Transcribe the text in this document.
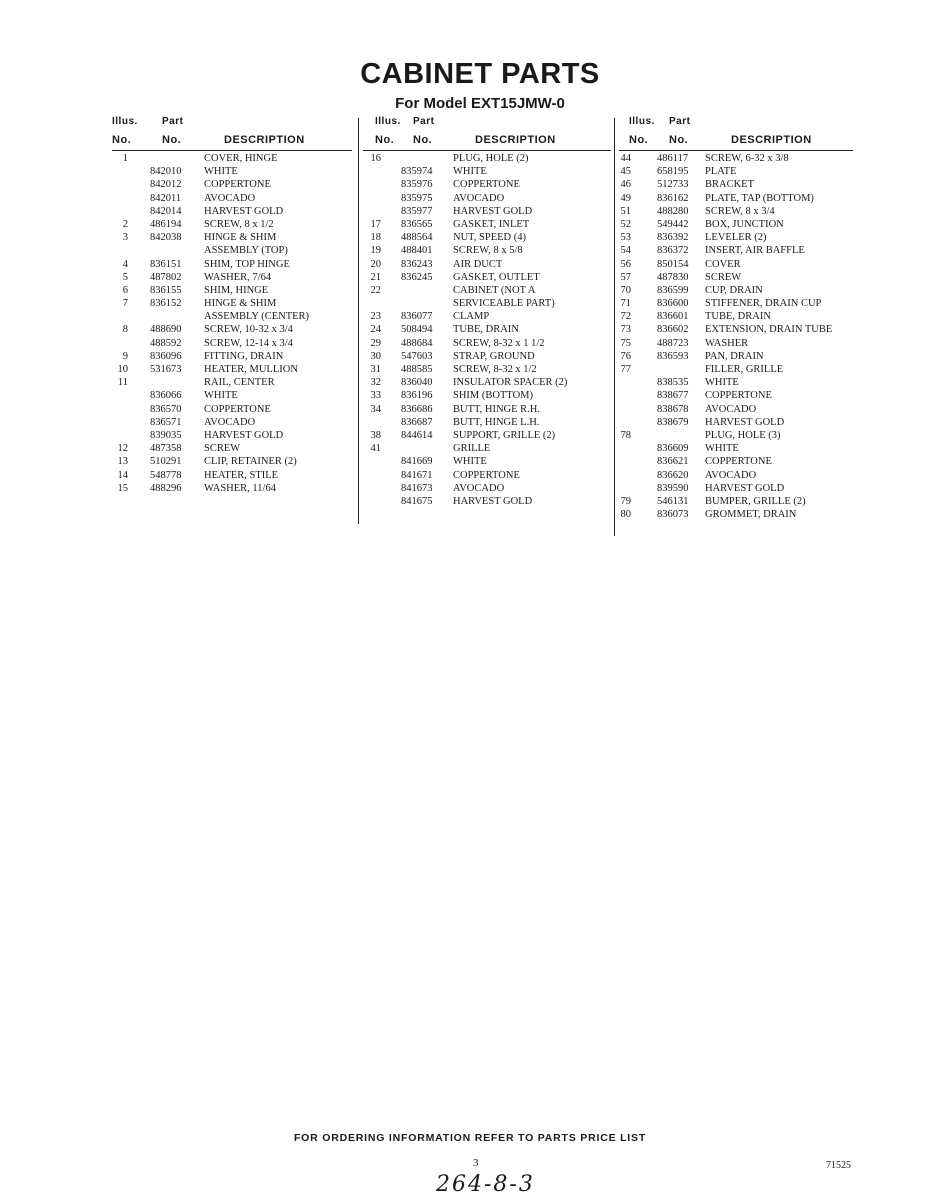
CABINET PARTS
For Model EXT15JMW-0
Illus. Part
No.	No.	DESCRIPTION
1	COVER, HINGE
842010 WHITE
842012 COPPERTONE
842011 AVOCADO
842014 HARVEST GOLD
2 486194 SCREW, 8 x 1/2
3 842038 HINGE & SHIM
ASSEMBLY (TOP)
4 836151 SHIM, TOP HINGE
5 487802 WASHER, 7/64
6 836155 SHIM, HINGE
7 836152 HINGE & SHIM
ASSEMBLY (CENTER)
8 488690 SCREW, 10-32 x 3/4
488592 SCREW, 12-14 x 3/4
9 836096 FITTING, DRAIN
10 531673 HEATER, MULLION
11	RAIL, CENTER
836066 WHITE
836570 COPPERTONE
836571 AVOCADO
839035 HARVEST GOLD
12 487358 SCREW
13 510291 CLIP, RETAINER (2)
14 548778 HEATER, STILE
15 488296 WASHER, 11/64
Illus. Part
No. No.	DESCRIPTION
16	PLUG, HOLE (2)
835974 WHITE
835976 COPPERTONE
835975 AVOCADO
835977 HARVEST GOLD
17 836565 GASKET, INLET
18 488564 NUT, SPEED (4)
19 488401 SCREW, 8 x 5/8
20 836243 AIR DUCT
21 836245 GASKET, OUTLET
22	CABINET (NOT A
SERVICEABLE PART)
23 836077 CLAMP
24 508494 TUBE, DRAIN
29 488684 SCREW, 8-32 x 1 1/2
30 547603 STRAP, GROUND
31 488585 SCREW, 8-32 x 1/2
32 836040 INSULATOR SPACER (2)
33 836196 SHIM (BOTTOM)
34 836686 BUTT, HINGE R.H.
836687 BUTT, HINGE L.H.
38 844614 SUPPORT, GRILLE (2)
41	GRILLE
841669 WHITE
841671 COPPERTONE
841673 AVOCADO
841675 HARVEST GOLD
Illus. Part
No. No.	DESCRIPTION
44 486117 SCREW, 6-32 x 3/8
45 658195 PLATE
46 512733 BRACKET
49 836162 PLATE, TAP (BOTTOM)
51 488280 SCREW, 8 x 3/4
52 549442 BOX, JUNCTION
53 836392 LEVELER (2)
54 836372 INSERT, AIR BAFFLE
56 850154 COVER
57 487830 SCREW
70 836599 CUP, DRAIN
71 836600 STIFFENER, DRAIN CUP
72 836601 TUBE, DRAIN
73 836602 EXTENSION, DRAIN TUBE
75 488723 WASHER
76 836593 PAN, DRAIN
77	FILLER, GRILLE
838535 WHITE
838677 COPPERTONE
838678 AVOCADO
838679 HARVEST GOLD
78	PLUG, HOLE (3)
836609 WHITE
836621 COPPERTONE
836620 AVOCADO
839590 HARVEST GOLD
79 546131 BUMPER, GRILLE (2)
80 836073 GROMMET, DRAIN
FOR ORDERING INFORMATION REFER TO PARTS PRICE LIST
3	71525
264-8-3
